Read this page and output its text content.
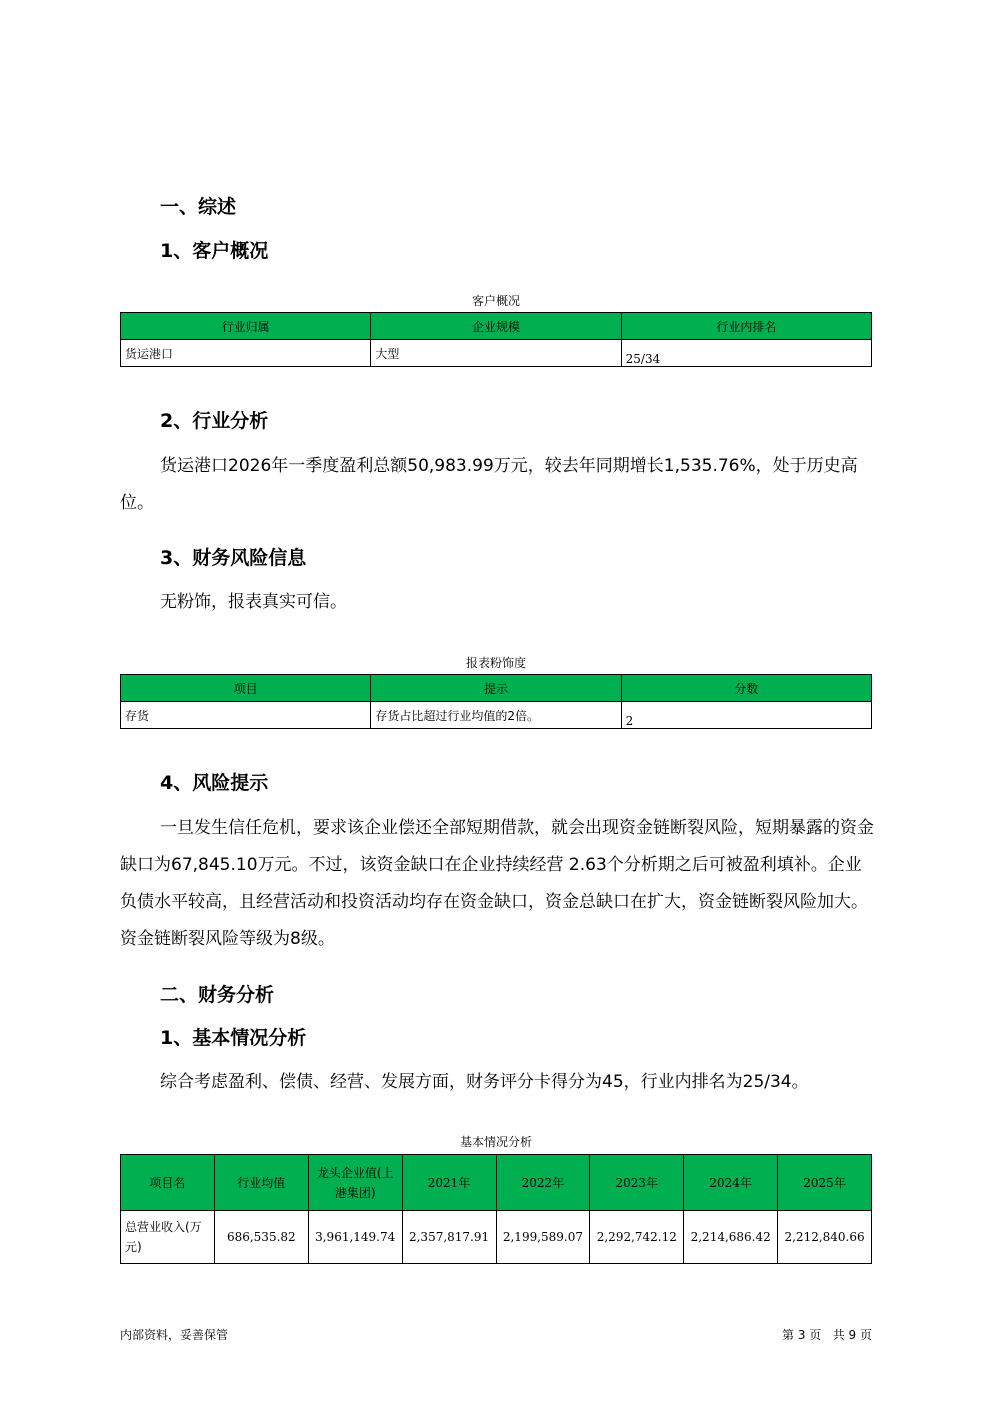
一、综述
1、客户概况
客户概况
行业归属	企业规模	行业内排名
货运港口	大型	25/34
2、行业分析
货运港口2026年一季度盈利总额50,983.99万元，较去年同期增长1,535.76%，处于历史高位。
3、财务风险信息
无粉饰，报表真实可信。
报表粉饰度
项目	提示	分数
存货	存货占比超过行业均值的2倍。	2
4、风险提示
一旦发生信任危机，要求该企业偿还全部短期借款，就会出现资金链断裂风险，短期暴露的资金缺口为67,845.10万元。不过，该资金缺口在企业持续经营 2.63个分析期之后可被盈利填补。企业负债水平较高，且经营活动和投资活动均存在资金缺口，资金总缺口在扩大，资金链断裂风险加大。资金链断裂风险等级为8级。
二、财务分析
1、基本情况分析
综合考虑盈利、偿债、经营、发展方面，财务评分卡得分为45，行业内排名为25/34。
基本情况分析
项目名	行业均值	龙头企业值(上港集团)	2021年	2022年	2023年	2024年	2025年
总营业收入(万元)	686,535.82	3,961,149.74	2,357,817.91	2,199,589.07	2,292,742.12	2,214,686.42	2,212,840.66
内部资料，妥善保管	第 3 页   共 9 页
